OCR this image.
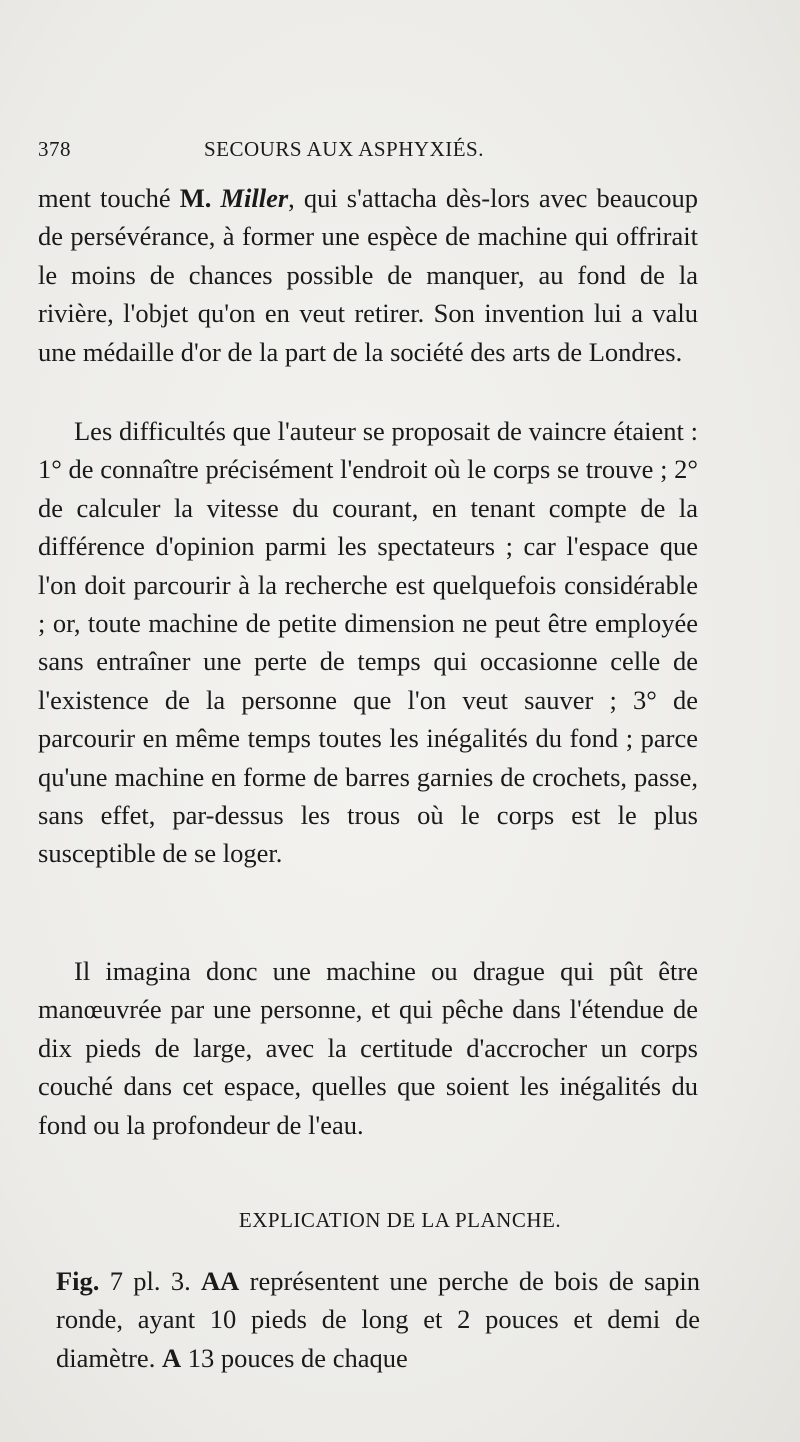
378	SECOURS AUX ASPHYXIÉS.

ment touché M. Miller, qui s'attacha dès-lors avec beaucoup de persévérance, à former une espèce de machine qui offrirait le moins de chances possible de manquer, au fond de la rivière, l'objet qu'on en veut retirer. Son invention lui a valu une médaille d'or de la part de la société des arts de Londres.

Les difficultés que l'auteur se proposait de vaincre étaient : 1° de connaître précisément l'endroit où le corps se trouve ; 2° de calculer la vitesse du courant, en tenant compte de la différence d'opinion parmi les spectateurs ; car l'espace que l'on doit parcourir à la recherche est quelquefois considérable ; or, toute machine de petite dimension ne peut être employée sans entraîner une perte de temps qui occasionne celle de l'existence de la personne que l'on veut sauver ; 3° de parcourir en même temps toutes les inégalités du fond ; parce qu'une machine en forme de barres garnies de crochets, passe, sans effet, par-dessus les trous où le corps est le plus susceptible de se loger.

Il imagina donc une machine ou drague qui pût être manœuvrée par une personne, et qui pêche dans l'étendue de dix pieds de large, avec la certitude d'accrocher un corps couché dans cet espace, quelles que soient les inégalités du fond ou la profondeur de l'eau.

EXPLICATION DE LA PLANCHE.

Fig. 7 pl. 3. AA représentent une perche de bois de sapin ronde, ayant 10 pieds de long et 2 pouces et demi de diamètre. A 13 pouces de chaque
